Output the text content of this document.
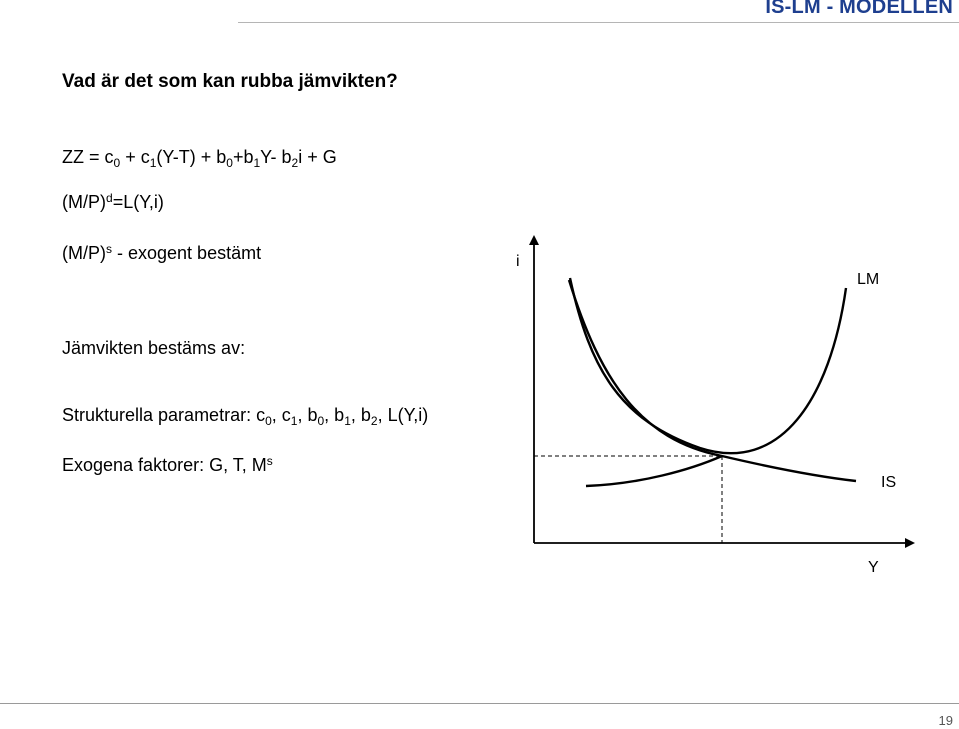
IS-LM - MODELLEN
Vad är det som kan rubba jämvikten?
ZZ = $c_0 + c_1(Y-T) + b_0+b_1Y-$ $b_2i + G$
$(M/P)^d=L(Y,i)$
$(M/P)^s$ - exogent bestämt
Jämvikten bestäms av:
Strukturella parametrar: $c_0$, $c_1$, $b_0$, $b_1$, $b_2$, L(Y,i)
Exogena faktorer: G, T, $M^s$
i
Y
LM
IS
19
